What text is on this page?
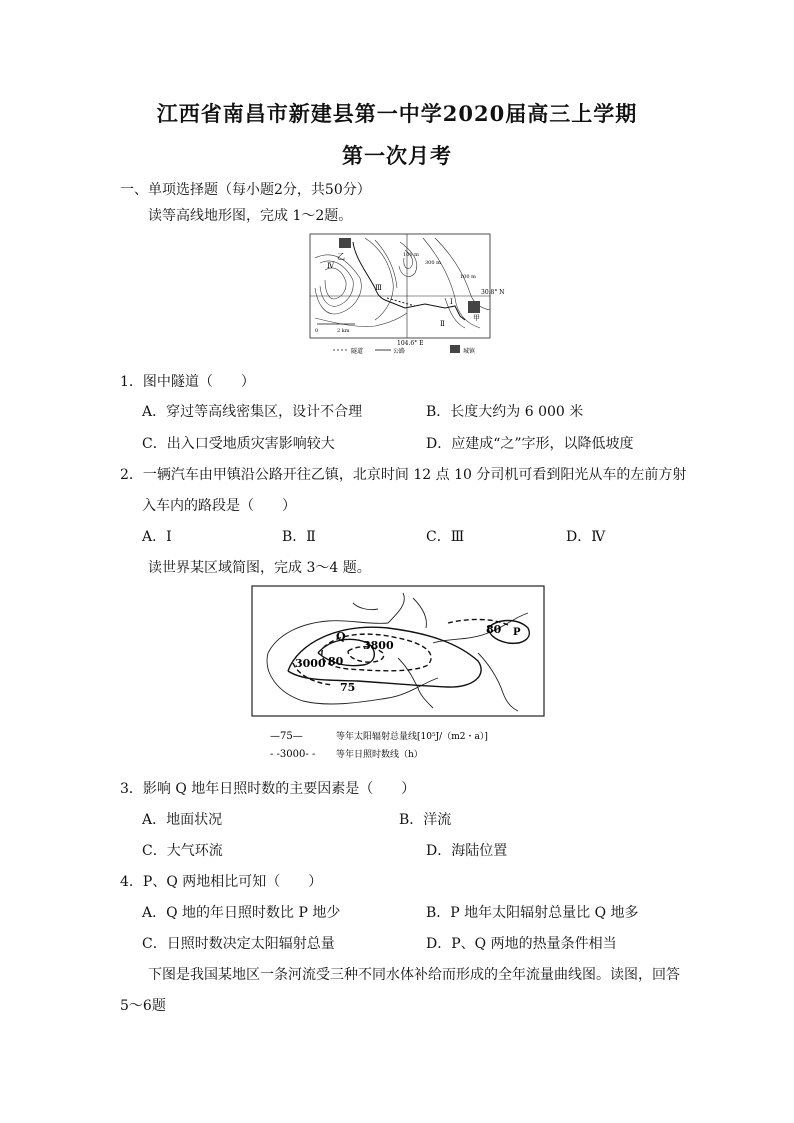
江西省南昌市新建县第一中学2020届高三上学期
第一次月考
一、单项选择题（每小题2分，共50分）
读等高线地形图，完成 1～2题。
乙
甲
Ⅳ
Ⅲ
Ⅰ
Ⅱ
100 m
300 m
100 m
30.8° N
104.6° E
0	2 km
隧道	公路	城镇
1．图中隧道（　　）
A．穿过等高线密集区，设计不合理	B．长度大约为 6 000 米
C．出入口受地质灾害影响较大	D．应建成“之”字形，以降低坡度
2．一辆汽车由甲镇沿公路开往乙镇，北京时间 12 点 10 分司机可看到阳光从车的左前方射
入车内的路段是（　　）
A．Ⅰ	B．Ⅱ	C．Ⅲ	D．Ⅳ
读世界某区域简图，完成 3～4 题。
Q	P
3800
3000 80
80
75
—75—	等年太阳辐射总量线[10⁵J/（m2・a）]
- -3000- - 等年日照时数线（h）
3．影响 Q 地年日照时数的主要因素是（　　）
A．地面状况	B．洋流
C．大气环流	D．海陆位置
4．P、Q 两地相比可知（　　）
A．Q 地的年日照时数比 P 地少	B．P 地年太阳辐射总量比 Q 地多
C．日照时数决定太阳辐射总量	D．P、Q 两地的热量条件相当
下图是我国某地区一条河流受三种不同水体补给而形成的全年流量曲线图。读图，回答
5～6题
